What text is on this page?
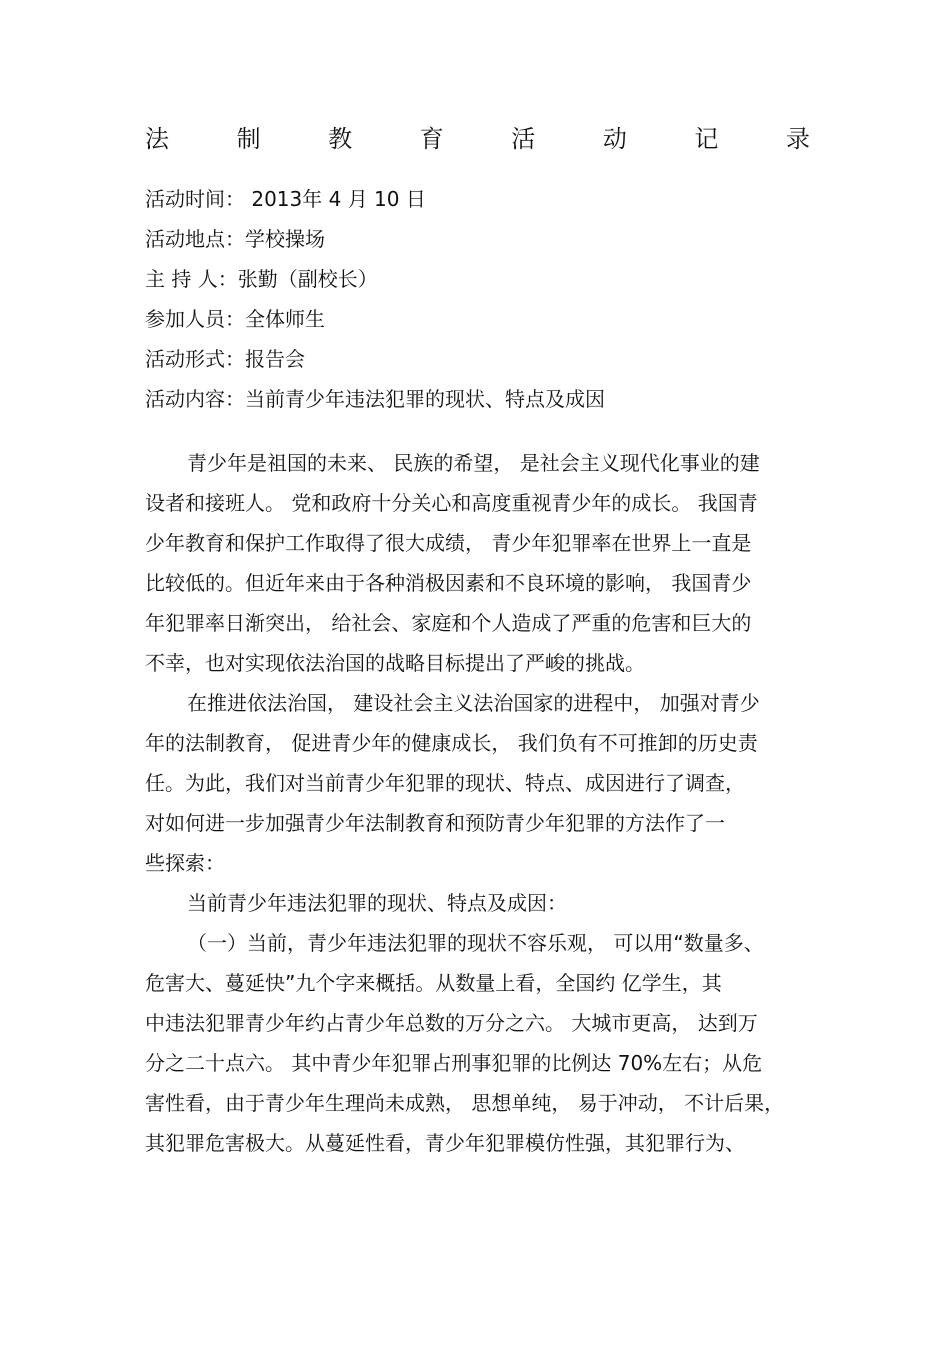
法	制	教	育	活	动	记	录
活动时间： 2013年 4 月 10 日
活动地点：学校操场
主 持 人：张勤（副校长）
参加人员：全体师生
活动形式：报告会
活动内容：当前青少年违法犯罪的现状、特点及成因
青少年是祖国的未来、 民族的希望， 是社会主义现代化事业的建
设者和接班人。 党和政府十分关心和高度重视青少年的成长。 我国青
少年教育和保护工作取得了很大成绩， 青少年犯罪率在世界上一直是
比较低的。但近年来由于各种消极因素和不良环境的影响， 我国青少
年犯罪率日渐突出， 给社会、家庭和个人造成了严重的危害和巨大的
不幸，也对实现依法治国的战略目标提出了严峻的挑战。
在推进依法治国， 建设社会主义法治国家的进程中， 加强对青少
年的法制教育， 促进青少年的健康成长， 我们负有不可推卸的历史责
任。为此，我们对当前青少年犯罪的现状、特点、成因进行了调查，
对如何进一步加强青少年法制教育和预防青少年犯罪的方法作了一
些探索：
当前青少年违法犯罪的现状、特点及成因：
（一）当前，青少年违法犯罪的现状不容乐观， 可以用“数量多、
危害大、蔓延快”九个字来概括。从数量上看，全国约 亿学生，其
中违法犯罪青少年约占青少年总数的万分之六。 大城市更高， 达到万
分之二十点六。 其中青少年犯罪占刑事犯罪的比例达 70%左右；从危
害性看，由于青少年生理尚未成熟， 思想单纯， 易于冲动， 不计后果，
其犯罪危害极大。从蔓延性看，青少年犯罪模仿性强，其犯罪行为、
